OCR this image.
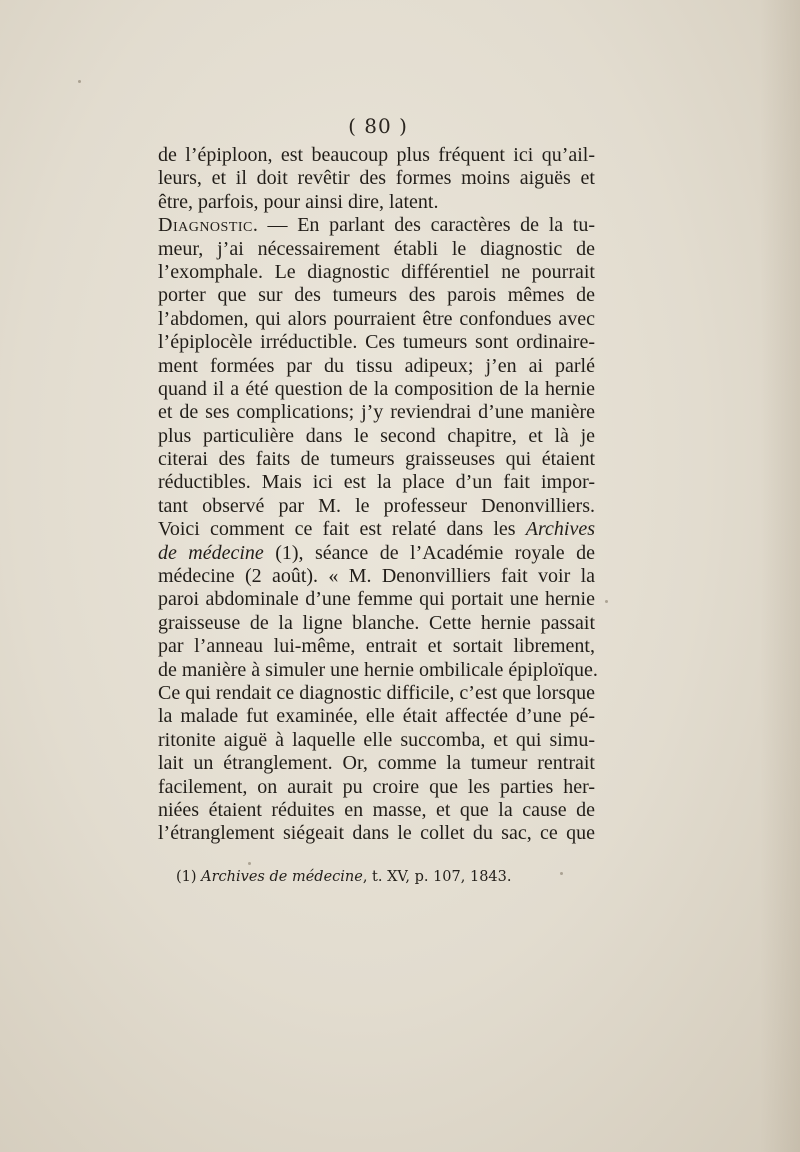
( 80 )
de l’épiploon, est beaucoup plus fréquent ici qu’ail-
leurs, et il doit revêtir des formes moins aiguës et
être, parfois, pour ainsi dire, latent.
Diagnostic. — En parlant des caractères de la tu-
meur, j’ai nécessairement établi le diagnostic de
l’exomphale. Le diagnostic différentiel ne pourrait
porter que sur des tumeurs des parois mêmes de
l’abdomen, qui alors pourraient être confondues avec
l’épiplocèle irréductible. Ces tumeurs sont ordinaire-
ment formées par du tissu adipeux; j’en ai parlé
quand il a été question de la composition de la hernie
et de ses complications; j’y reviendrai d’une manière
plus particulière dans le second chapitre, et là je
citerai des faits de tumeurs graisseuses qui étaient
réductibles. Mais ici est la place d’un fait impor-
tant observé par M. le professeur Denonvilliers.
Voici comment ce fait est relaté dans les Archives
de médecine (1), séance de l’Académie royale de
médecine (2 août). « M. Denonvilliers fait voir la
paroi abdominale d’une femme qui portait une hernie
graisseuse de la ligne blanche. Cette hernie passait
par l’anneau lui-même, entrait et sortait librement,
de manière à simuler une hernie ombilicale épiploïque.
Ce qui rendait ce diagnostic difficile, c’est que lorsque
la malade fut examinée, elle était affectée d’une pé-
ritonite aiguë à laquelle elle succomba, et qui simu-
lait un étranglement. Or, comme la tumeur rentrait
facilement, on aurait pu croire que les parties her-
niées étaient réduites en masse, et que la cause de
l’étranglement siégeait dans le collet du sac, ce que
(1) Archives de médecine, t. XV, p. 107, 1843.
